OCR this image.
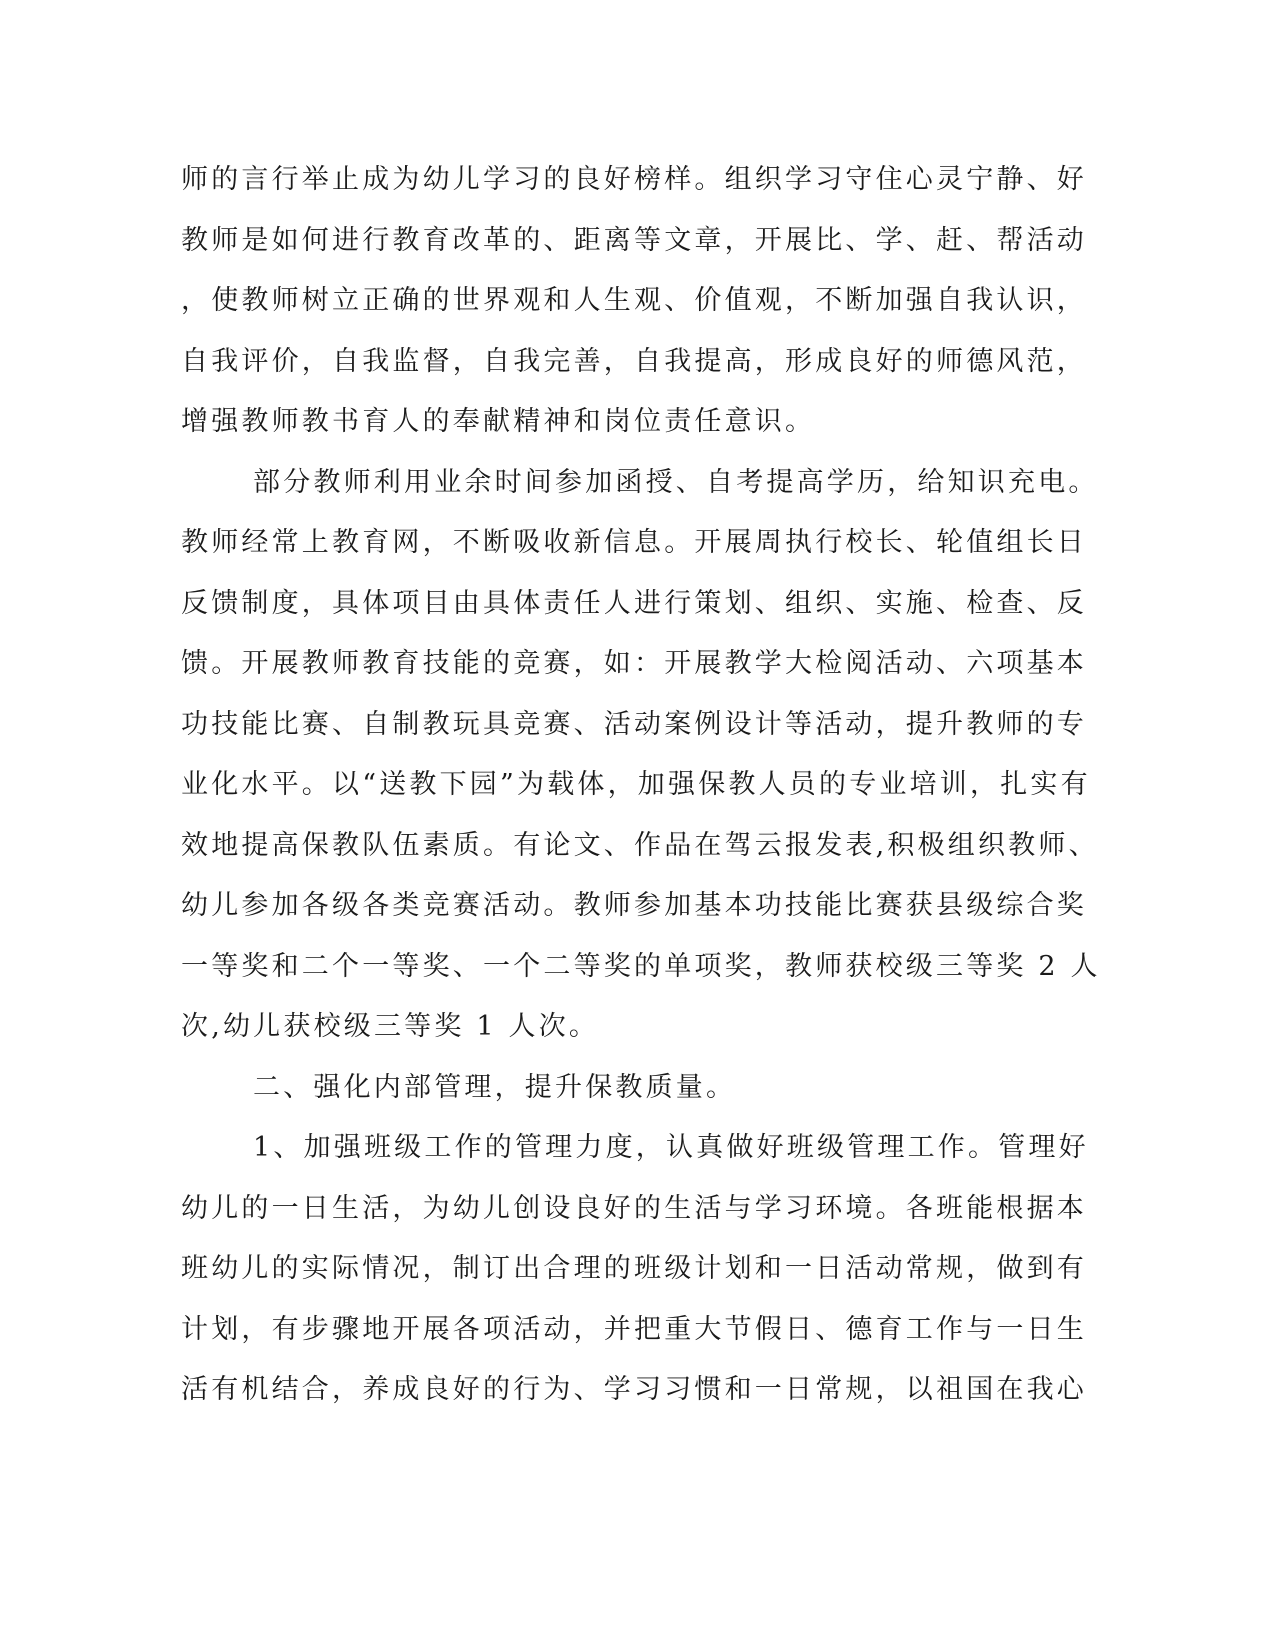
师的言行举止成为幼儿学习的良好榜样。组织学习守住心灵宁静、好
教师是如何进行教育改革的、距离等文章，开展比、学、赶、帮活动
，使教师树立正确的世界观和人生观、价值观，不断加强自我认识，
自我评价，自我监督，自我完善，自我提高，形成良好的师德风范，
增强教师教书育人的奉献精神和岗位责任意识。
部分教师利用业余时间参加函授、自考提高学历，给知识充电。
教师经常上教育网，不断吸收新信息。开展周执行校长、轮值组长日
反馈制度，具体项目由具体责任人进行策划、组织、实施、检查、反
馈。开展教师教育技能的竞赛，如：开展教学大检阅活动、六项基本
功技能比赛、自制教玩具竞赛、活动案例设计等活动，提升教师的专
业化水平。以“送教下园”为载体，加强保教人员的专业培训，扎实有
效地提高保教队伍素质。有论文、作品在驾云报发表,积极组织教师、
幼儿参加各级各类竞赛活动。教师参加基本功技能比赛获县级综合奖
一等奖和二个一等奖、一个二等奖的单项奖，教师获校级三等奖 2 人
次,幼儿获校级三等奖 1 人次。
二、强化内部管理，提升保教质量。
1、加强班级工作的管理力度，认真做好班级管理工作。管理好
幼儿的一日生活，为幼儿创设良好的生活与学习环境。各班能根据本
班幼儿的实际情况，制订出合理的班级计划和一日活动常规，做到有
计划，有步骤地开展各项活动，并把重大节假日、德育工作与一日生
活有机结合，养成良好的行为、学习习惯和一日常规，以祖国在我心
